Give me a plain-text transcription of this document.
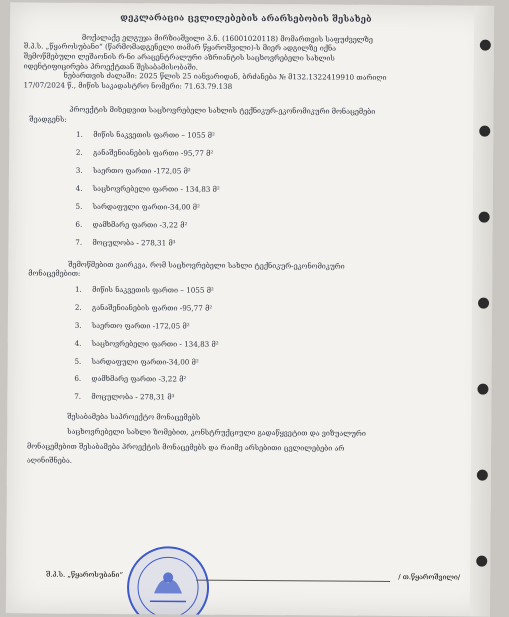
დეკლარაცია ცვლილებების არარსებობის შესახებ

მოქალაქე ელგუჯა მირზიაშვილი პ.ნ. (16001020118) მომართვის საფუძველზე

შ.პ.ს. „წყაროსუბანი“ (წარმომადგენელი თამარ წყაროშვილი)-ს მიერ ადგილზე იქნა

შემოწმებული ლეშაონის რ-ნი არაცენტრალური აზრიანტის საცხოვრებელი სახლის

იდენტიფიცირება პროექტთან შესაბამისობაში.

ნებართვის ძალაში: 2025 წლის 25 იანვარიდან, ბრძანება № მ132.1322419910 თარიღი

17/07/2024 წ., მიწის საკადასტრო ნომერი: 71.63.79.138

პროექტის მიხედვით საცხოვრებელი სახლის ტექნიკურ-ეკონომიკური მონაცემები
შეადგენს:
1. მიწის ნაკვეთის ფართი – 1055 მ²
2. განაშენიანების ფართი -95,77 მ²
3. საერთო ფართი -172,05 მ²
4. საცხოვრებელი ფართი - 134,83 მ²
5. სარდაფული ფართი-34,00 მ²
6. დამხმარე ფართი -3,22 მ²
7. მოცულობა - 278,31 მ³
შემოწმებით ვაირკვა, რომ საცხოვრებელი სახლი ტექნიკურ-ეკონომიკური
მონაცემებით:
1. მიწის ნაკვეთის ფართი – 1055 მ²
2. განაშენიანების ფართი -95,77 მ²
3. საერთო ფართი -172,05 მ²
4. საცხოვრებელი ფართი - 134,83 მ²
5. სარდაფული ფართი-34,00 მ²
6. დამხმარე ფართი -3,22 მ²
7. მოცულობა - 278,31 მ³

შესაბამება საპროექტო მონაცემებს

საცხოვრებელი სახლი ზომებით, კონსტრუქციული გადაწყვეტით და ვიზუალური

მონაცემებით შესაბამება პროექტის მონაცემებს და რაიმე არსებითი ცვლილებები არ

აღინიშნება.

შ.პ.ს. „წყაროსუბანი“	/ თ.წყაროშვილი/
